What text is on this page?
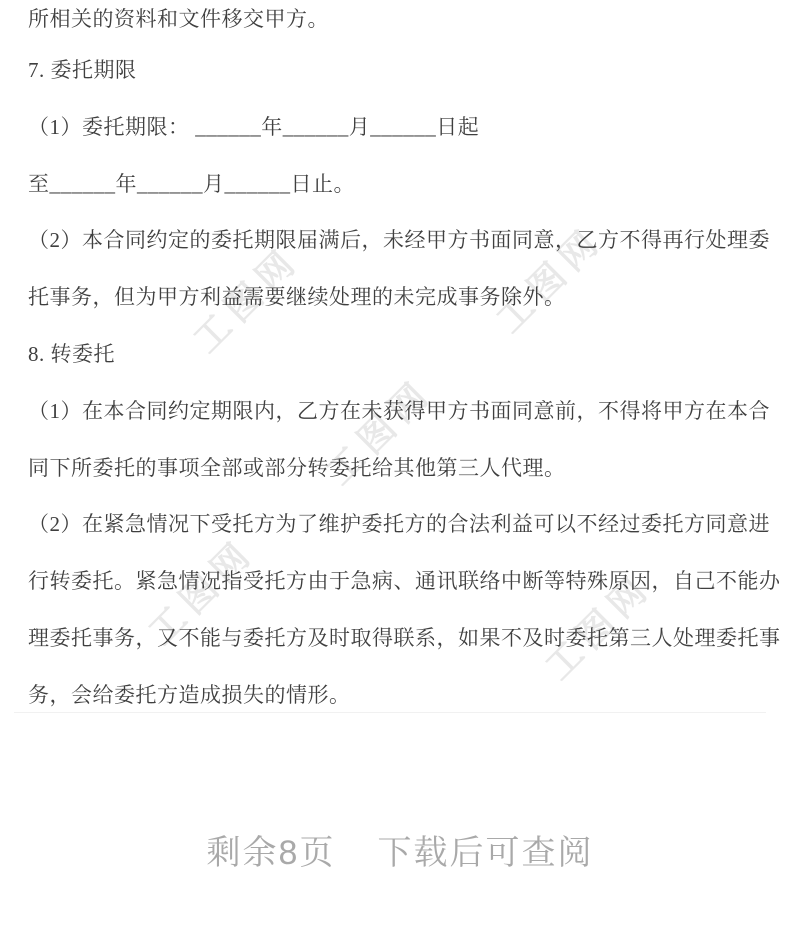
工图网	工图网
工图网
工图网	工图网
所相关的资料和文件移交甲方。
7. 委托期限
（1）委托期限： ______年______月______日起
至______年______月______日止。
（2）本合同约定的委托期限届满后，未经甲方书面同意，乙方不得再行处理委
托事务，但为甲方利益需要继续处理的未完成事务除外。
8. 转委托
（1）在本合同约定期限内，乙方在未获得甲方书面同意前，不得将甲方在本合
同下所委托的事项全部或部分转委托给其他第三人代理。
（2）在紧急情况下受托方为了维护委托方的合法利益可以不经过委托方同意进
行转委托。紧急情况指受托方由于急病、通讯联络中断等特殊原因，自己不能办
理委托事务，又不能与委托方及时取得联系，如果不及时委托第三人处理委托事
务，会给委托方造成损失的情形。
剩余8页 下载后可查阅
